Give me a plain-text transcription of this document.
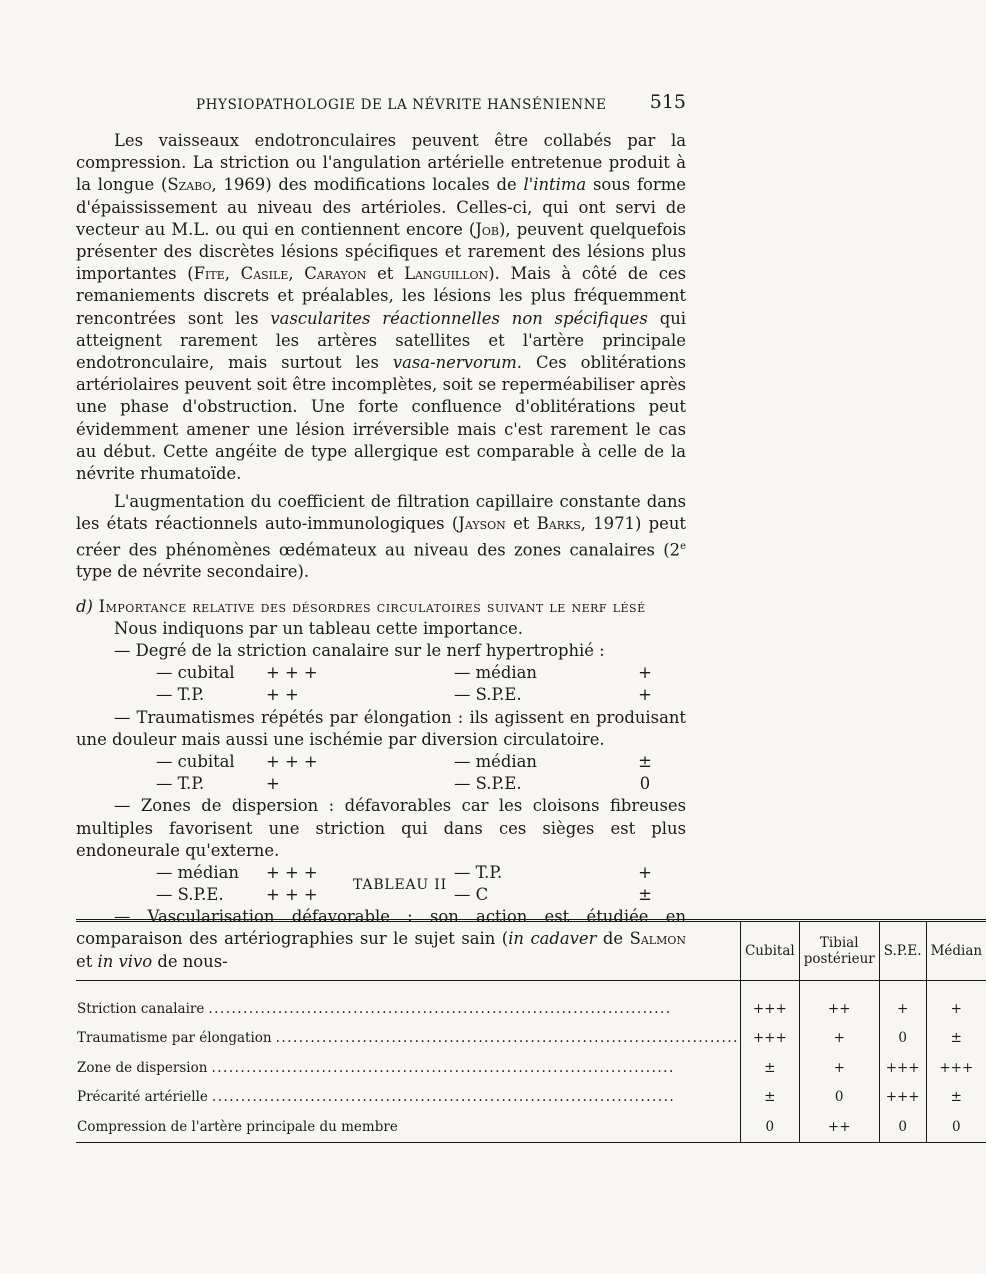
PHYSIOPATHOLOGIE DE LA NÉVRITE HANSÉNIENNE 515

Les vaisseaux endotronculaires peuvent être collabés par la compression. La striction ou l'angulation artérielle entretenue produit à la longue (Szabo, 1969) des modifications locales de l'intima sous forme d'épaississement au niveau des artérioles. Celles-ci, qui ont servi de vecteur au M.L. ou qui en contiennent encore (Job), peuvent quelquefois présenter des discrètes lésions spécifiques et rarement des lésions plus importantes (Fite, Casile, Carayon et Languillon). Mais à côté de ces remaniements discrets et préalables, les lésions les plus fréquemment rencontrées sont les vascularites réactionnelles non spécifiques qui atteignent rarement les artères satellites et l'artère principale endotronculaire, mais surtout les vasa-nervorum. Ces oblitérations artériolaires peuvent soit être incomplètes, soit se reperméabiliser après une phase d'obstruction. Une forte confluence d'oblitérations peut évidemment amener une lésion irréversible mais c'est rarement le cas au début. Cette angéite de type allergique est comparable à celle de la névrite rhumatoïde.

L'augmentation du coefficient de filtration capillaire constante dans les états réactionnels auto-immunologiques (Jayson et Barks, 1971) peut créer des phénomènes œdémateux au niveau des zones canalaires (2e type de névrite secondaire).

d) Importance relative des désordres circulatoires suivant le nerf lésé
Nous indiquons par un tableau cette importance.
— Degré de la striction canalaire sur le nerf hypertrophié :
— cubital	+ + +	— médian	+
— T.P.	+ +	— S.P.E.	+

— Traumatismes répétés par élongation : ils agissent en produisant une douleur mais aussi une ischémie par diversion circulatoire.

— cubital	+ + +	— médian	±
— T.P.	+	— S.P.E.	0

— Zones de dispersion : défavorables car les cloisons fibreuses multiples favorisent une striction qui dans ces sièges est plus endoneurale qu'externe.

— médian	+ + +	— T.P.	+
— S.P.E.	+ + +	— C	±

— Vascularisation défavorable : son action est étudiée en comparaison des artériographies sur le sujet sain (in cadaver de Salmon et in vivo de nous-

TABLEAU II
	Cubital	Tibial postérieur	S.P.E.	Médian

Striction canalaire ................................................................................	+++	++	+	+

Traumatisme par élongation ................................................................................	+++	+	0	±

Zone de dispersion ................................................................................	±	+	+++	+++

Précarité artérielle ................................................................................	±	0	+++	±

Compression de l'artère principale du membre	0	++	0	0
